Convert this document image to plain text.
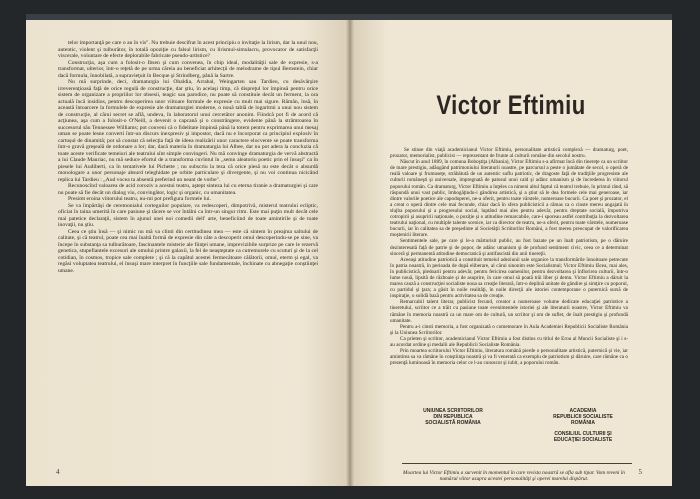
telor importanţă pe care o au în vis". Nu trebuie descifrat în acest principiu o invitaţie la lirism, dar la unul nou, autentic, violent şi tulburător, în totală opoziţie cu falsul lirism, cu lirismul-simulacru, provocator de satisfacţii viscerale, voluntare de efecte deplorabile fabricate pseudo-artistice?

Construcţia, aşa cum a folosit-o Ibsen şi cum convenea, în chip ideal, modalităţii sale de expresie, s-a transformat, ulterior, într-o reţetă de pe urma căreia au beneficiat arhitecţii de melodrame de tipul Bernstein, chiar dacă formula, înnobilată, a supravieţuit în Becque şi Strindberg, până la Sartre.

Nu mă surprinde, deci, dramaturgia lui Ohaldia, Arrabal, Weingarten sau Tardieu, cu desăvârşire irreverenţioasă faţă de orice regulă de construcţie, dar ştiu, în acelaşi timp, că dispreţul lor împinsă pentru orice sistem de organizare a propriilor lor obsesii, teagic sau parodice, nu poate să constituie decât un ferment, la ora actuală încă insidios, pentru descoperirea unor viitoare formule de expresie cu mult mai sigure. Rămân, însă, în această întoarcere la formulele de expresie ale dramaturgiei moderne, o nouă tablă de logaritmi a unui nou sistem de construcţie, al cărui secret se află, undeva, în laboratorul unui cercetător anonim. Fiindcă pot fi de acord că acţiunea, aşa cum a folosit-o O'Neill, a devenit o capcană şi o constrângere, evidente până la strâmtoarea în succesorul său Tennessee Williams; pot conveni că o fidelitate împinsă până la totem pentru exprimarea unui mesaj uman se poate lesne converti într-un discurs inexpresiv şi impostor, dacă nu e încorporat ca principiul explosiv în cartușul de dinamită; pot să constat că selecţia faţă de ideea realizării unor caractere elocvente se poate transforma într-o gravă greşeală de ordonare a lor; dar, dacă materia în dramaturgia lui Albee, dar nu pot adera la concluzia că toate aceste verificate temeiuri ale teatrului sînt simple convingeri. Nu mă convinge dramaturgia de vervă abstractă a lui Claude Mauriac, nu mă seduce efortul de a transforma cuvîntul în „semn aleatoriu poetic prin el însuşi" ca în piesele lui Audiberti, ca în tentativele lui Pichette ; nu subscriu la teza că orice piesă nu este decât o absurdă monologare a unor personaje absurd teleghidate pe orbite particulare şi divergente, şi nu voi continua nicicând replica lui Tardieu : „Aud vocea ta absentă preferind un neant de vorbe".

Recunoscînd valoarea de acid coroziv a acestui teatru, aştept sinteza lui cu eterna tiranie a dramaturgiei şi care nu poate să fie decât un dialog viu, convingător, logic şi organic, cu umanitatea.

Presimt eroina viitorului teatru, nu-mi pot prefigura formele lui.

Se va împărtăşi de ceremonialul corteguilor populare, va redescoperi, dimpotrivă, misterul teatrului ecliptic, oficiat în taina umerită în care pasiune şi tăcere se vor întâlni ca într-un singur ritm. Este mai puţin mult decât cele mai patetice declaraţii, sistem în ajunul unei noi comedii dell' arte, beneficiind de toate amintirile şi de toate inovaţii, nu ştiu.

Ceea ce ştiu însă — şi nimic nu mă va clinti din certitudinea mea — este că sintem în preajma saltului de calitate, şi că teatrul, poate cea mai înaltă formă de expresie din câte a descoperit omul descoperindu-se pe sine, va începe în substanţa sa tulburătoare, fascinantele misterie ale fiinţei umane, imprevizibile surprize pe care le rezervă genetica, stupefiantele excesuri ale omului printre galaxii, la fel de neaşteptate ca cutremurele cu scuturi şi de la cel cotidian, în cosmos, tropice sale complete ; şi că la capătul acestei fermecătoare călătorii, omul, eterm şi egal, va regăsi voluptatea teatrului, el însuşi mare interpret în funcţiile sale fundamentale, închinate cu abnegaţie conştiinţei umane.

4
Victor Eftimiu

Se stinse din viaţă academicianul Victor Eftimiu, personalitate artistică complexă — dramaturg, poet, prozator, memorialist, publicist — reprezentant de frunte al culturii române din secolul nostru.

Născut în anul 1889, în comuna Boboştiţa (Albania), Victor Eftimiu s-a afirmat încă din tinereţe ca un scriitor de mare prestigiu, adăugând patrimoniului literaturii noastre, pe parcursul a peste o jumătate de secol, o operă de reală valoare şi frumuseţe, străbătută de un autentic suflu patriotic, de dragoste faţă de tradiţiile progresiste ale culturii româneşti şi universale, impregnată de patosul unui cald şi adânc umanism şi de încrederea în viitorul poporului român. Ca dramaturg, Victor Eftimiu a înţeles ca nimeni altul faptul că teatrul trebuie, în primul rând, să răspundă unui vast public, îmbogăţindu-i gândirea artistică, şi a ştiut să le dea formele cele mai generoase, iar dintre valorile poetice ale capodoperei, ne-a oferit, pentru toate vârstele, numeroase bucurii. Ca poet şi prozator, el a creat o operă dintre cele mai fecunde, chiar dacă în sfera publicisticii a rămas ca o cinste mereu angajată în slujba poporului şi a progresului social, luptând mai ales pentru adevăr, pentru dreptate socială, împotriva cotropirii şi asupririi naţionale, o poziţie şi o atitudine remarcabile, care-i sporeau astfel contribuţia la dezvoltarea teatrului naţional, cu multiple talente scenice, iar ca director de teatru, ne-a oferit, pentru toate vârstele, numeroase bucurii, iar în calitatea sa de preşedinte al Societăţii Scriitorilor Români, a fost mereu preocupat de valorificarea moştenirii literare.

Sentimentele sale, pe care şi le-a mărturisit public, au fost bazate pe un înalt patriotism, pe o dăruire dezinteresată faţă de patrie şi de popor, de adânc umanism şi de profund sentiment civic, ceea ce a determinat sinceră şi permanentă atitudine democratică şi antifascistă din anii tinereţii.

Aceeaşi atitudine patriotică a constituit temeiul adeziunii sale organice la transformările înnoitoare petrecute în patria noastră, în perioada de după eliberare, al cărui sinonim este Socialismul; Victor Eftimiu făcea, mai ales, în publicistică, pledoarii pentru adevăr, pentru fericirea oamenilor, pentru dezvoltarea şi înflorirea culturii, într-o lume nouă, lipsită de războaie şi de asuprire, în care omul să poată trăi liber şi demn. Victor Eftimiu a dăruit la marea cauză a construcţiei socialiste noua sa creaţie literară, într-o deplină unitate de gândire şi simţire cu poporul, cu partidul şi ţara; a găsit în noile realităţi, în noile direcţii ale istoriei contemporane o puternică sursă de inspiraţie, o solidă bază pentru activitatea sa de creaţie.

Remarcabil talent literar, publicist fecund, creator a numeroase volume dedicate educaţiei patriotice a tineretului, scriitor ce a trăit cu pasiune toate evenimentele istoriei şi ale literaturii noastre, Victor Eftimiu va rămâne în memoria noastră ca un mare om de cultură, un scriitor şi om de suflet, de înalt prestigiu şi profundă umanitate.

Pentru a-i cinsti memoria, a fost organizată o comemorare în Aula Academiei Republicii Socialiste România şi la Uniunea Scriitorilor.

Ca prieten şi scriitor, academicianul Victor Eftimiu a fost distins cu titlul de Erou al Muncii Socialiste şi i s-au acordat ordine şi medalii ale Republicii Socialiste România.

Prin moartea scriitorului Victor Eftimiu, literatura română pierde o personalitate artistică, puternică şi vie, iar amintirea sa va rămâne în conştiinţa noastră şi va fi venerată ca exemplu de patriotism şi dăruire, care rămâne ca o prezenţă luminoasă în memoria celor ce l-au cunoscut şi iubit, a poporului român.

UNIUNEA SCRIITORILOR
DIN REPUBLICA
SOCIALISTĂ ROMÂNIA
ACADEMIA
REPUBLICII SOCIALISTE
ROMÂNIA
CONSILIUL CULTURII ŞI
EDUCAŢIEI SOCIALISTE
Moartea lui Victor Eftimiu a survenit în momentul în care revista noastră se afla sub tipar. Vom reveni în numărul viitor asupra acestei personalităţi şi operei marelui dispărut.
5
